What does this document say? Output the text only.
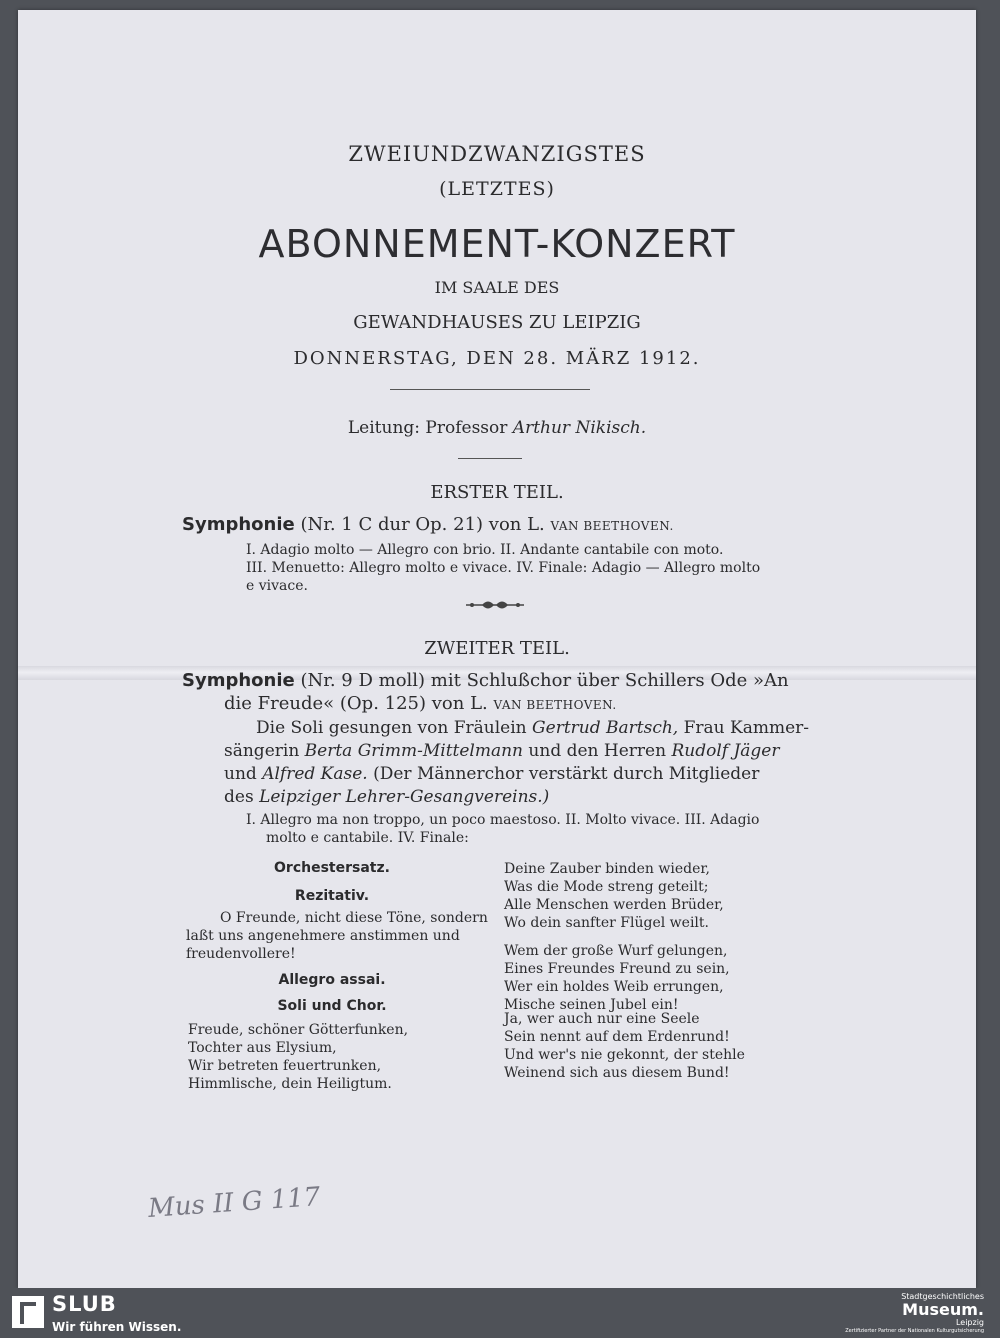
ZWEIUNDZWANZIGSTES
(LETZTES)
ABONNEMENT-KONZERT
IM SAALE DES
GEWANDHAUSES ZU LEIPZIG
DONNERSTAG, DEN 28. MÄRZ 1912.
Leitung: Professor Arthur Nikisch.
ERSTER TEIL.
Symphonie (Nr. 1 C dur Op. 21) von L. VAN BEETHOVEN.
I. Adagio molto — Allegro con brio. II. Andante cantabile con moto.
III. Menuetto: Allegro molto e vivace. IV. Finale: Adagio — Allegro molto
e vivace.
ZWEITER TEIL.
Symphonie (Nr. 9 D moll) mit Schlußchor über Schillers Ode »An
die Freude« (Op. 125) von L. VAN BEETHOVEN.
Die Soli gesungen von Fräulein Gertrud Bartsch, Frau Kammer-
sängerin Berta Grimm-Mittelmann und den Herren Rudolf Jäger
und Alfred Kase. (Der Männerchor verstärkt durch Mitglieder
des Leipziger Lehrer-Gesangvereins.)
I. Allegro ma non troppo, un poco maestoso. II. Molto vivace. III. Adagio
molto e cantabile. IV. Finale:
Orchestersatz.
Rezitativ.
O Freunde, nicht diese Töne, sondern
laßt uns angenehmere anstimmen und
freudenvollere!
Allegro assai.
Soli und Chor.
Freude, schöner Götterfunken,
Tochter aus Elysium,
Wir betreten feuertrunken,
Himmlische, dein Heiligtum.
Deine Zauber binden wieder,
Was die Mode streng geteilt;
Alle Menschen werden Brüder,
Wo dein sanfter Flügel weilt.
Wem der große Wurf gelungen,
Eines Freundes Freund zu sein,
Wer ein holdes Weib errungen,
Mische seinen Jubel ein!
Ja, wer auch nur eine Seele
Sein nennt auf dem Erdenrund!
Und wer's nie gekonnt, der stehle
Weinend sich aus diesem Bund!
Mus II G 117
SLUB
Wir führen Wissen.
Stadtgeschichtliches
Museum.
Leipzig
Zertifizierter Partner der Nationalen Kulturgutsicherung
